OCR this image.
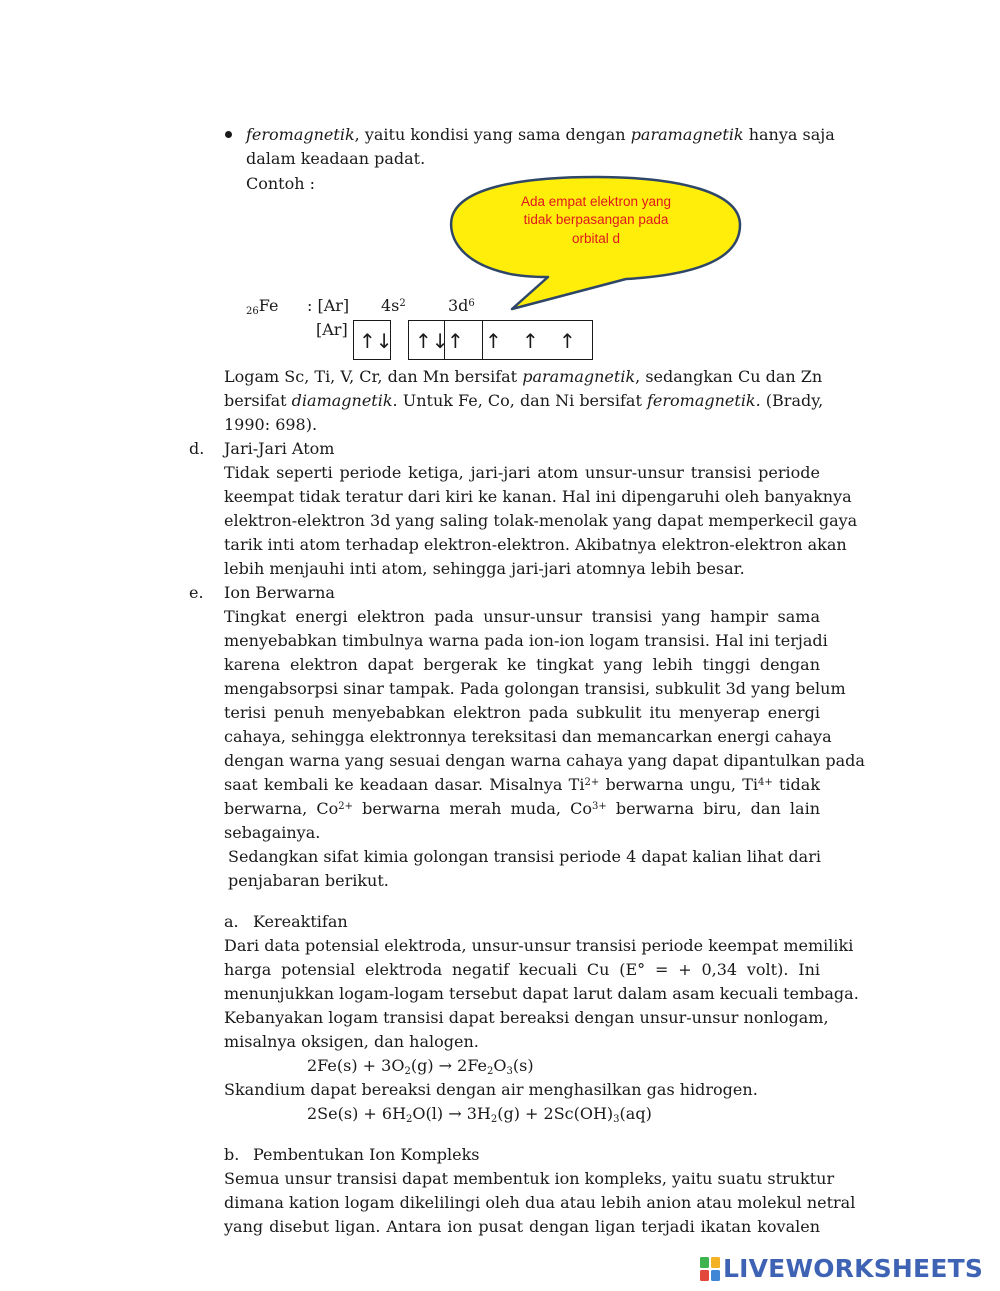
feromagnetik, yaitu kondisi yang sama dengan paramagnetik hanya saja
dalam keadaan padat.
Contoh :
Ada empat elektron yang
tidak berpasangan pada
orbital d
$_{26}$Fe : [Ar] $4s^2$	$3d^6$
[Ar] ↑↓ ↑↓
↑ ↑ ↑ ↑
Logam Sc, Ti, V, Cr, dan Mn bersifat paramagnetik, sedangkan Cu dan Zn
bersifat diamagnetik. Untuk Fe, Co, dan Ni bersifat feromagnetik. (Brady,
1990: 698).
d. Jari-Jari Atom
Tidak seperti periode ketiga, jari-jari atom unsur-unsur transisi periode
keempat tidak teratur dari kiri ke kanan. Hal ini dipengaruhi oleh banyaknya
elektron-elektron 3d yang saling tolak-menolak yang dapat memperkecil gaya
tarik inti atom terhadap elektron-elektron. Akibatnya elektron-elektron akan
lebih menjauhi inti atom, sehingga jari-jari atomnya lebih besar.
e. Ion Berwarna
Tingkat energi elektron pada unsur-unsur transisi yang hampir sama
menyebabkan timbulnya warna pada ion-ion logam transisi. Hal ini terjadi
karena elektron dapat bergerak ke tingkat yang lebih tinggi dengan
mengabsorpsi sinar tampak. Pada golongan transisi, subkulit 3d yang belum
terisi penuh menyebabkan elektron pada subkulit itu menyerap energi
cahaya, sehingga elektronnya tereksitasi dan memancarkan energi cahaya
dengan warna yang sesuai dengan warna cahaya yang dapat dipantulkan pada
saat kembali ke keadaan dasar. Misalnya $Ti^{2+}$ berwarna ungu, $Ti^{4+}$ tidak
berwarna, $Co^{2+}$ berwarna merah muda, $Co^{3+}$ berwarna biru, dan lain
sebagainya.
Sedangkan sifat kimia golongan transisi periode 4 dapat kalian lihat dari
penjabaran berikut.
a. Kereaktifan
Dari data potensial elektroda, unsur-unsur transisi periode keempat memiliki
harga potensial elektroda negatif kecuali Cu (E° = + 0,34 volt). Ini
menunjukkan logam-logam tersebut dapat larut dalam asam kecuali tembaga.
Kebanyakan logam transisi dapat bereaksi dengan unsur-unsur nonlogam,
misalnya oksigen, dan halogen.
$2Fe(s) + 3O_2(g) \to 2Fe_2O_3(s)$
Skandium dapat bereaksi dengan air menghasilkan gas hidrogen.
$2Se(s) + 6H_2O(l) \to 3H_2(g) + 2Sc(OH)_3(aq)$
b. Pembentukan Ion Kompleks
Semua unsur transisi dapat membentuk ion kompleks, yaitu suatu struktur
dimana kation logam dikelilingi oleh dua atau lebih anion atau molekul netral
yang disebut ligan. Antara ion pusat dengan ligan terjadi ikatan kovalen
LIVEWORKSHEETS
